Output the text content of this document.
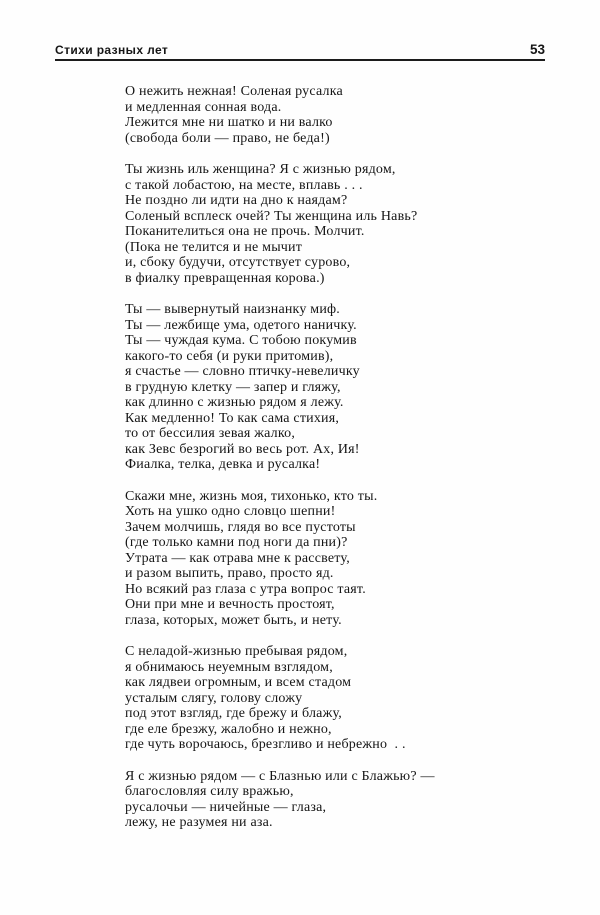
Стихи разных лет	53
О нежить нежная! Соленая русалка
и медленная сонная вода.
Лежится мне ни шатко и ни валко
(свобода боли — право, не беда!)
Ты жизнь иль женщина? Я с жизнью рядом,
с такой лобастою, на месте, вплавь . . .
Не поздно ли идти на дно к наядам?
Соленый всплеск очей? Ты женщина иль Навь?
Поканителиться она не прочь. Молчит.
(Пока не телится и не мычит
и, сбоку будучи, отсутствует сурово,
в фиалку превращенная корова.)
Ты — вывернутый наизнанку миф.
Ты — лежбище ума, одетого наничку.
Ты — чуждая кума. С тобою покумив
какого-то себя (и руки притомив),
я счастье — словно птичку-невеличку
в грудную клетку — запер и гляжу,
как длинно с жизнью рядом я лежу.
Как медленно! То как сама стихия,
то от бессилия зевая жалко,
как Зевс безрогий во весь рот. Ах, Ия!
Фиалка, телка, девка и русалка!
Скажи мне, жизнь моя, тихонько, кто ты.
Хоть на ушко одно словцо шепни!
Зачем молчишь, глядя во все пустоты
(где только камни под ноги да пни)?
Утрата — как отрава мне к рассвету,
и разом выпить, право, просто яд.
Но всякий раз глаза с утра вопрос таят.
Они при мне и вечность простоят,
глаза, которых, может быть, и нету.
С неладой-жизнью пребывая рядом,
я обнимаюсь неуемным взглядом,
как лядвеи огромным, и всем стадом
усталым слягу, голову сложу
под этот взгляд, где брежу и блажу,
где еле брезжу, жалобно и нежно,
где чуть ворочаюсь, брезгливо и небрежно  . .
Я с жизнью рядом — с Блазнью или с Блажью? —
благословляя силу вражью,
русалочьи — ничейные — глаза,
лежу, не разумея ни аза.
